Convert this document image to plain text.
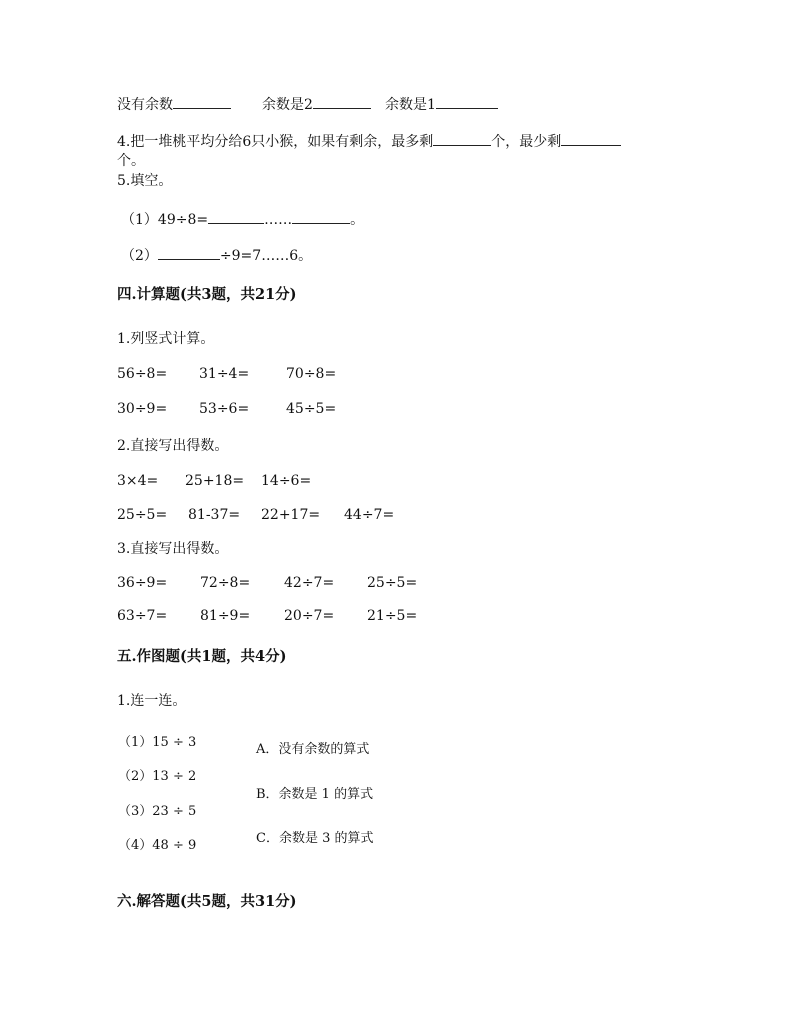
没有余数	余数是2	余数是1
4.把一堆桃平均分给6只小猴，如果有剩余，最多剩	个，最少剩
个。
5.填空。
（1）49÷8=	……	。
（2）	÷9=7……6。
四.计算题(共3题，共21分)
1.列竖式计算。
56÷8= 31÷4=	70÷8=
30÷9= 53÷6=	45÷5=
2.直接写出得数。
3×4= 25+18= 14÷6=
25÷5= 81-37= 22+17= 44÷7=
3.直接写出得数。
36÷9= 72÷8= 42÷7= 25÷5=
63÷7= 81÷9= 20÷7= 21÷5=
五.作图题(共1题，共4分)
1.连一连。
（1）15 ÷ 3
（2）13 ÷ 2
（3）23 ÷ 5
（4）48 ÷ 9
A．没有余数的算式
B．余数是 1 的算式
C．余数是 3 的算式
六.解答题(共5题，共31分)
